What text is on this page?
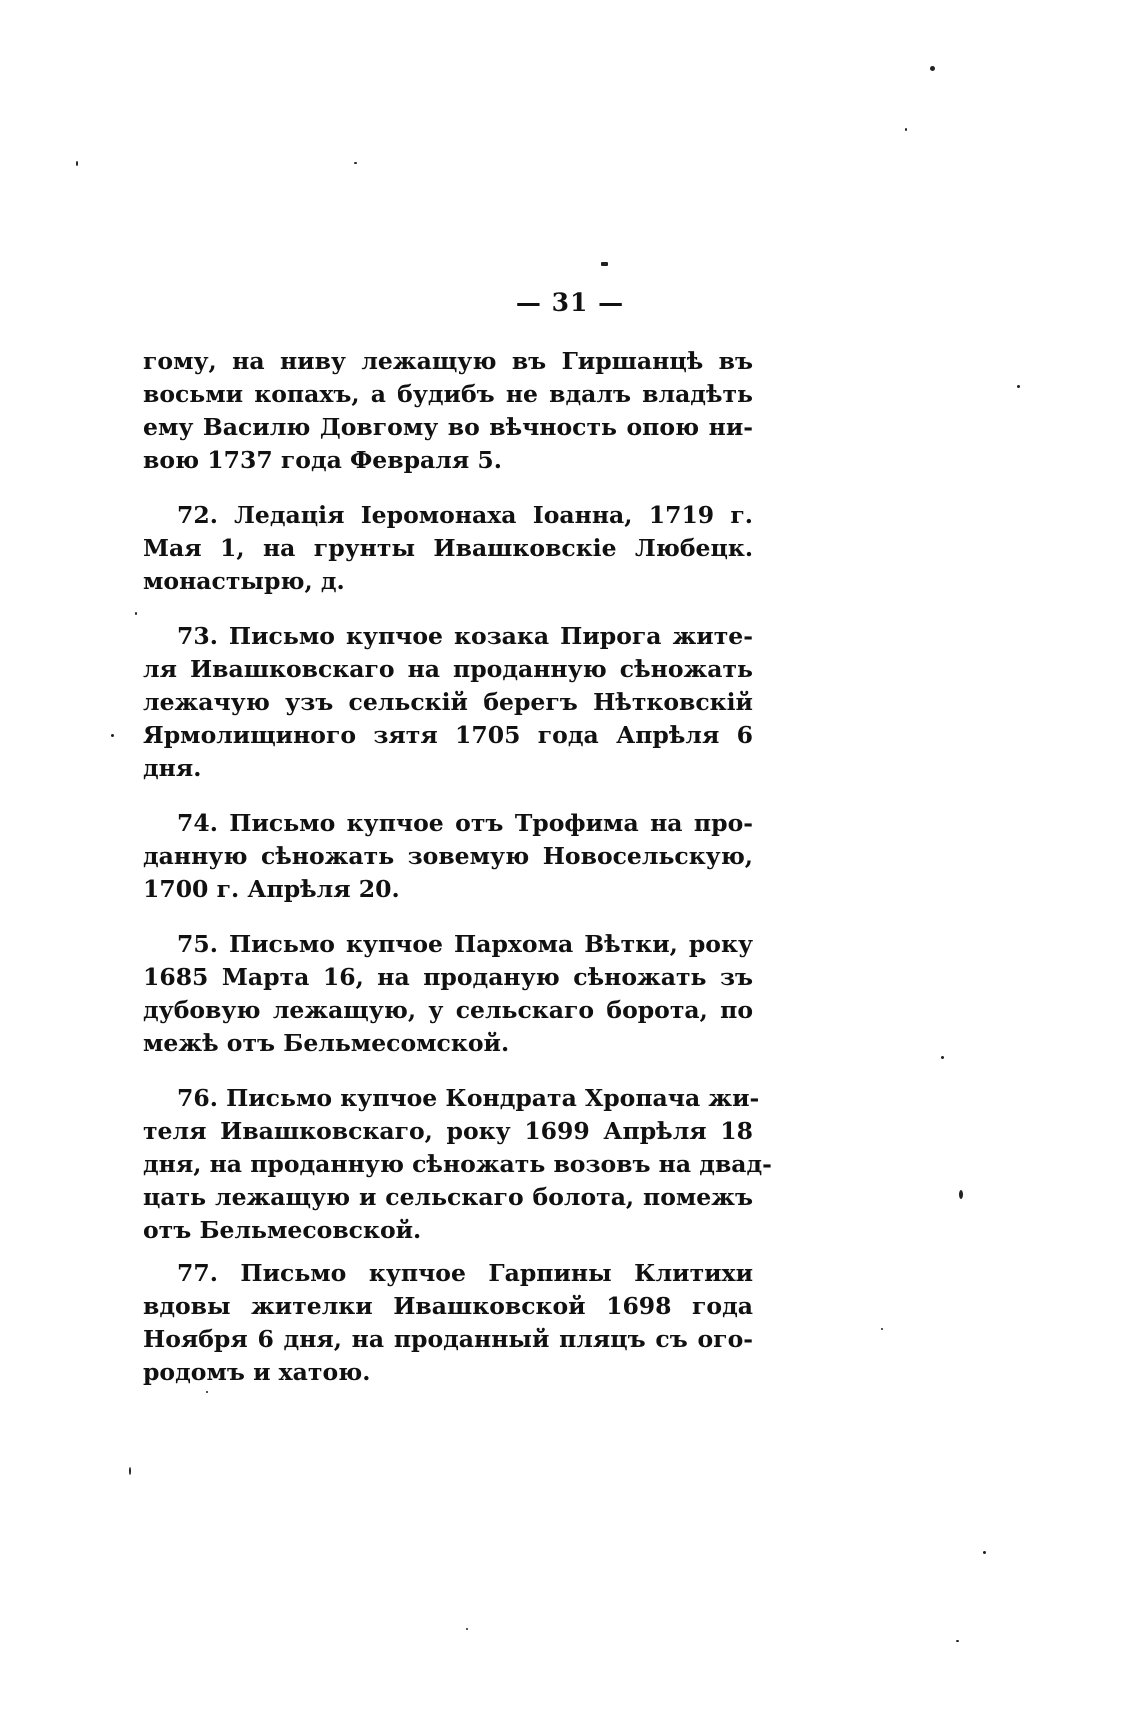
— 31 —
гому, на ниву лежащую въ Гиршанцѣ въ
восьми копахъ, а будибъ не вдалъ владѣть
ему Василю Довгому во вѣчность опою ни-
вою 1737 года Февраля 5.
72. Ледація Іеромонаха Іоанна, 1719 г.
Мая 1, на грунты Ивашковскіе Любецк.
монастырю, д.
73. Письмо купчое козака Пирога жите-
ля Ивашковскаго на проданную сѣножать
лежачую узъ сельскій берегъ Нѣтковскій
Ярмолищиного зятя 1705 года Апрѣля 6
дня.
74. Письмо купчое отъ Трофима на про-
данную сѣножать зовемую Новосельскую,
1700 г. Апрѣля 20.
75. Письмо купчое Пархома Вѣтки, року
1685 Марта 16, на проданую сѣножать зъ
дубовую лежащую, у сельскаго борота, по
межѣ отъ Бельмесомской.
76. Письмо купчое Кондрата Хропача жи-
теля Ивашковскаго, року 1699 Апрѣля 18
дня, на проданную сѣножать возовъ на двад-
цать лежащую и сельскаго болота, помежъ
отъ Бельмесовской.
77. Письмо купчое Гарпины Клитихи
вдовы жителки Ивашковской 1698 года
Ноября 6 дня, на проданный пляцъ съ ого-
родомъ и хатою.
